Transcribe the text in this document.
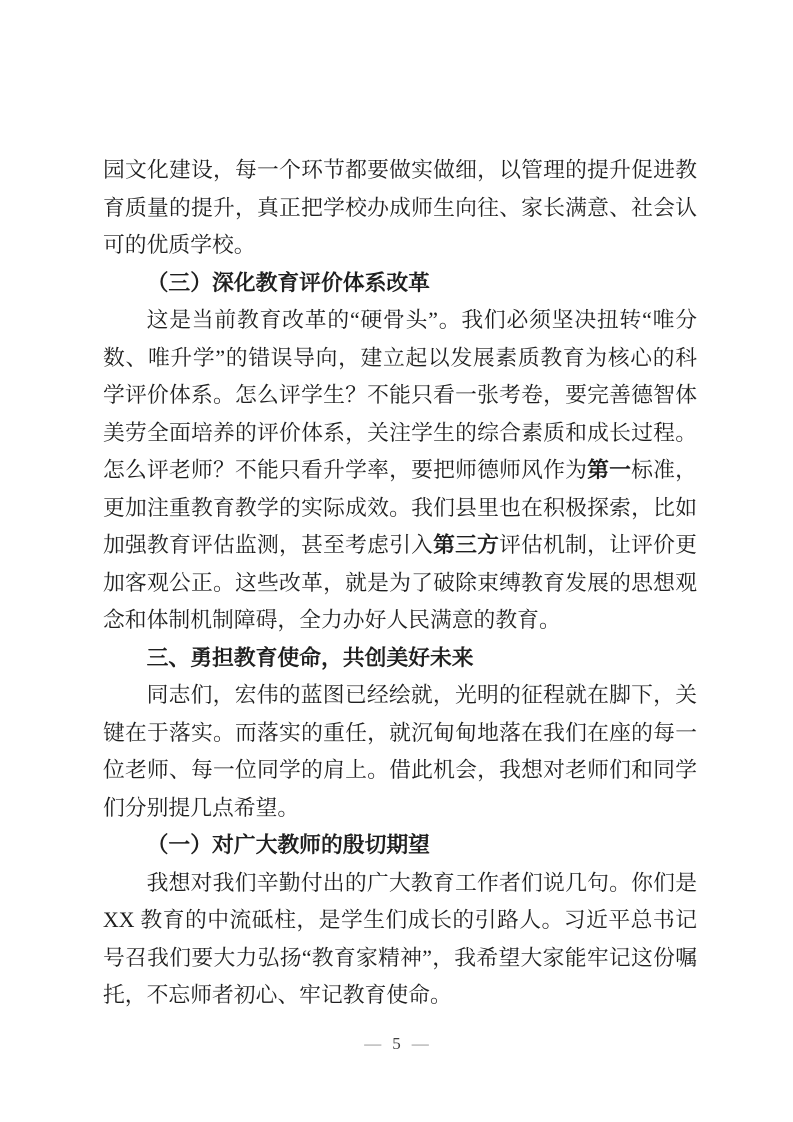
园文化建设，每一个环节都要做实做细，以管理的提升促进教育质量的提升，真正把学校办成师生向往、家长满意、社会认可的优质学校。

（三）深化教育评价体系改革

这是当前教育改革的“硬骨头”。我们必须坚决扭转“唯分数、唯升学”的错误导向，建立起以发展素质教育为核心的科学评价体系。怎么评学生？不能只看一张考卷，要完善德智体美劳全面培养的评价体系，关注学生的综合素质和成长过程。怎么评老师？不能只看升学率，要把师德师风作为第一标准，更加注重教育教学的实际成效。我们县里也在积极探索，比如加强教育评估监测，甚至考虑引入第三方评估机制，让评价更加客观公正。这些改革，就是为了破除束缚教育发展的思想观念和体制机制障碍，全力办好人民满意的教育。

三、勇担教育使命，共创美好未来

同志们，宏伟的蓝图已经绘就，光明的征程就在脚下，关键在于落实。而落实的重任，就沉甸甸地落在我们在座的每一位老师、每一位同学的肩上。借此机会，我想对老师们和同学们分别提几点希望。

（一）对广大教师的殷切期望

我想对我们辛勤付出的广大教育工作者们说几句。你们是XX 教育的中流砥柱，是学生们成长的引路人。习近平总书记号召我们要大力弘扬“教育家精神”，我希望大家能牢记这份嘱托，不忘师者初心、牢记教育使命。

— 5 —
